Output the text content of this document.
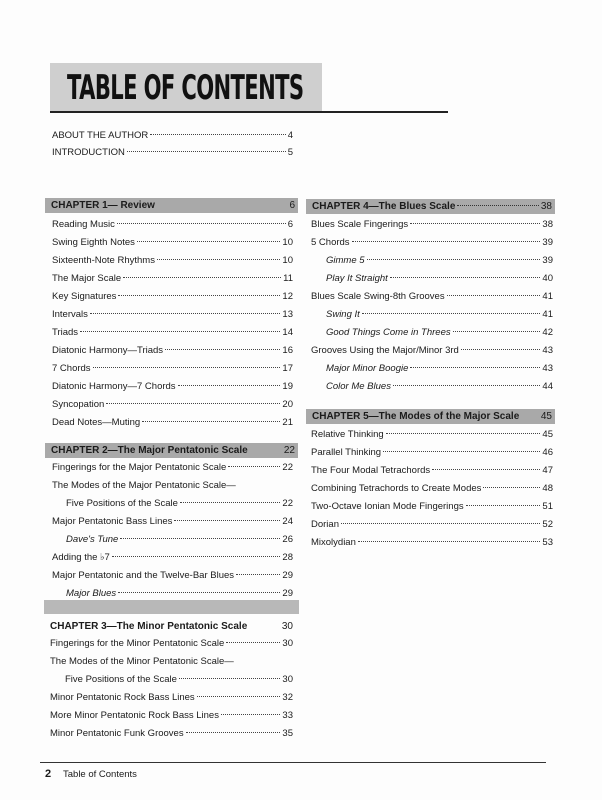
TABLE OF CONTENTS
ABOUT THE AUTHOR	4
INTRODUCTION	5
CHAPTER 1— Review	6
Reading Music	6
Swing Eighth Notes	10
Sixteenth-Note Rhythms	10
The Major Scale	11
Key Signatures	12
Intervals	13
Triads	14
Diatonic Harmony—Triads	16
7 Chords	17
Diatonic Harmony—7 Chords	19
Syncopation	20
Dead Notes—Muting	21
CHAPTER 2—The Major Pentatonic Scale	22
Fingerings for the Major Pentatonic Scale	22
The Modes of the Major Pentatonic Scale—
Five Positions of the Scale	22
Major Pentatonic Bass Lines	24
Dave's Tune	26
Adding the ♭7	28
Major Pentatonic and the Twelve-Bar Blues	29
Major Blues	29
CHAPTER 3—The Minor Pentatonic Scale	30
Fingerings for the Minor Pentatonic Scale	30
The Modes of the Minor Pentatonic Scale—
Five Positions of the Scale	30
Minor Pentatonic Rock Bass Lines	32
More Minor Pentatonic Rock Bass Lines	33
Minor Pentatonic Funk Grooves	35
CHAPTER 4—The Blues Scale	38
Blues Scale Fingerings	38
5 Chords	39
Gimme 5	39
Play It Straight	40
Blues Scale Swing-8th Grooves	41
Swing It	41
Good Things Come in Threes	42
Grooves Using the Major/Minor 3rd	43
Major Minor Boogie	43
Color Me Blues	44
CHAPTER 5—The Modes of the Major Scale 45
Relative Thinking	45
Parallel Thinking	46
The Four Modal Tetrachords	47
Combining Tetrachords to Create Modes	48
Two-Octave Ionian Mode Fingerings	51
Dorian	52
Mixolydian	53
2 Table of Contents
